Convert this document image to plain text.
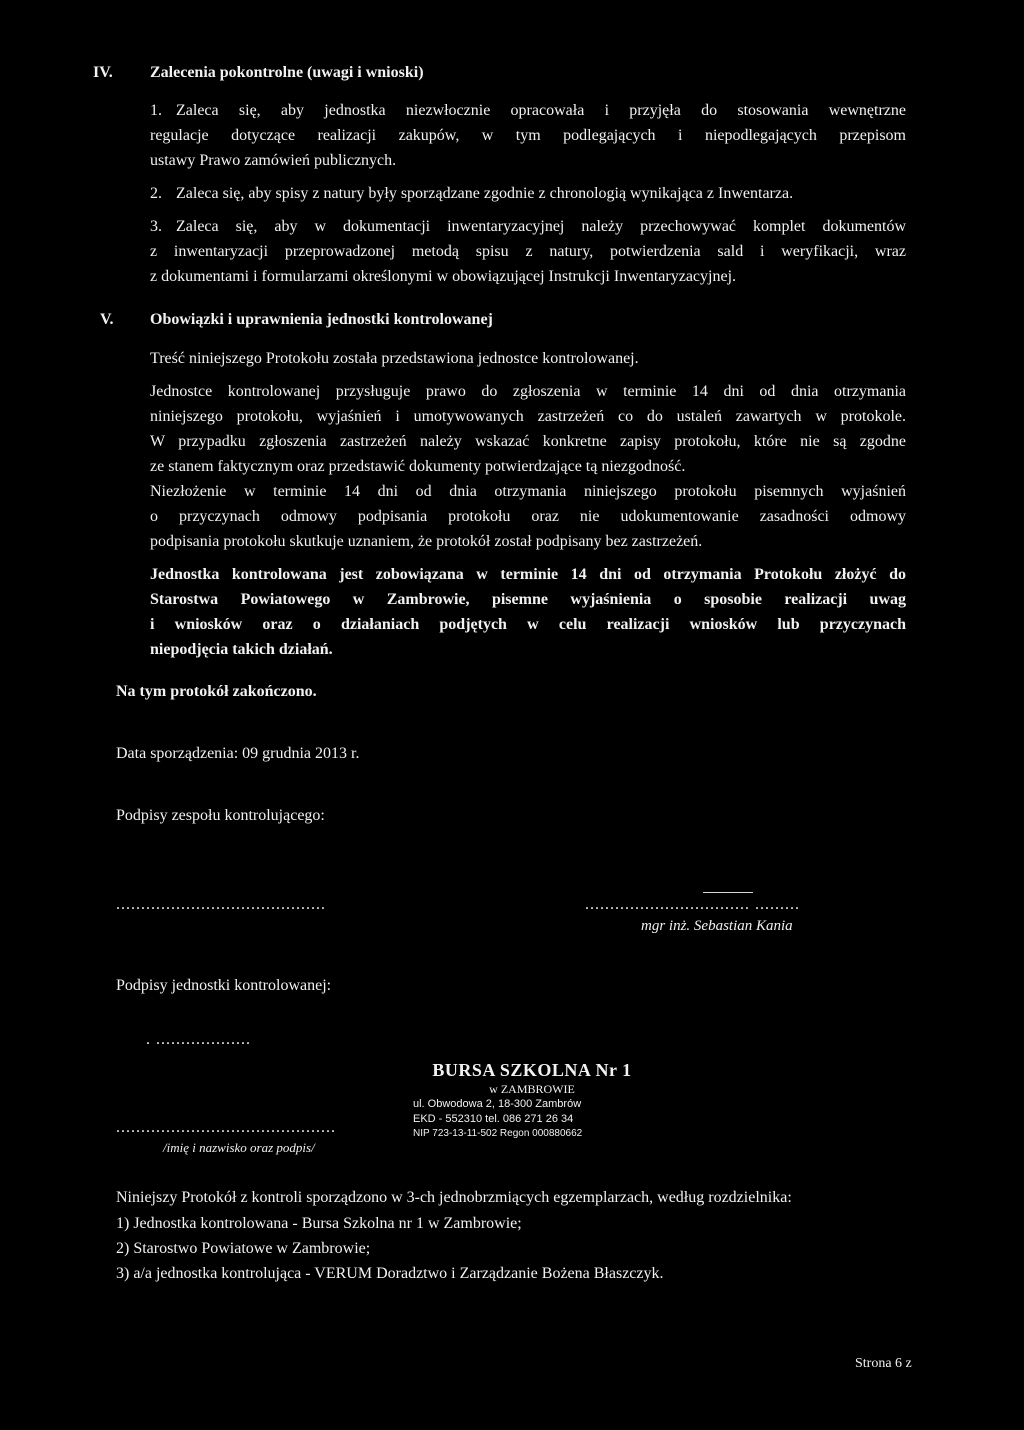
IV. Zalecenia pokontrolne (uwagi i wnioski)
1. Zaleca się, aby jednostka niezwłocznie opracowała i przyjęła do stosowania wewnętrzne
regulacje dotyczące realizacji zakupów, w tym podlegających i niepodlegających przepisom
ustawy Prawo zamówień publicznych.
2. Zaleca się, aby spisy z natury były sporządzane zgodnie z chronologią wynikająca z Inwentarza.
3. Zaleca się, aby w dokumentacji inwentaryzacyjnej należy przechowywać komplet dokumentów
z inwentaryzacji przeprowadzonej metodą spisu z natury, potwierdzenia sald i weryfikacji, wraz
z dokumentami i formularzami określonymi w obowiązującej Instrukcji Inwentaryzacyjnej.
V. Obowiązki i uprawnienia jednostki kontrolowanej
Treść niniejszego Protokołu została przedstawiona jednostce kontrolowanej.
Jednostce kontrolowanej przysługuje prawo do zgłoszenia w terminie 14 dni od dnia otrzymania
niniejszego protokołu, wyjaśnień i umotywowanych zastrzeżeń co do ustaleń zawartych w protokole.
W przypadku zgłoszenia zastrzeżeń należy wskazać konkretne zapisy protokołu, które nie są zgodne
ze stanem faktycznym oraz przedstawić dokumenty potwierdzające tą niezgodność.
Niezłożenie w terminie 14 dni od dnia otrzymania niniejszego protokołu pisemnych wyjaśnień
o przyczynach odmowy podpisania protokołu oraz nie udokumentowanie zasadności odmowy
podpisania protokołu skutkuje uznaniem, że protokół został podpisany bez zastrzeżeń.
Jednostka kontrolowana jest zobowiązana w terminie 14 dni od otrzymania Protokołu złożyć do
Starostwa Powiatowego w Zambrowie, pisemne wyjaśnienia o sposobie realizacji uwag
i wniosków oraz o działaniach podjętych w celu realizacji wniosków lub przyczynach
niepodjęcia takich działań.
Na tym protokół zakończono.
Data sporządzenia: 09 grudnia 2013 r.
Podpisy zespołu kontrolującego:
..........................................	................................. .........
mgr inż. Sebastian Kania
Podpisy jednostki kontrolowanej:
. ...................
............................................
/imię i nazwisko oraz podpis/
BURSA SZKOLNA Nr 1
w ZAMBROWIE
ul. Obwodowa 2, 18-300 Zambrów
EKD - 552310 tel. 086 271 26 34
NIP 723-13-11-502 Regon 000880662
Niniejszy Protokół z kontroli sporządzono w 3-ch jednobrzmiących egzemplarzach, według rozdzielnika:
1) Jednostka kontrolowana - Bursa Szkolna nr 1 w Zambrowie;
2) Starostwo Powiatowe w Zambrowie;
3) a/a jednostka kontrolująca - VERUM Doradztwo i Zarządzanie Bożena Błaszczyk.
Strona 6 z
